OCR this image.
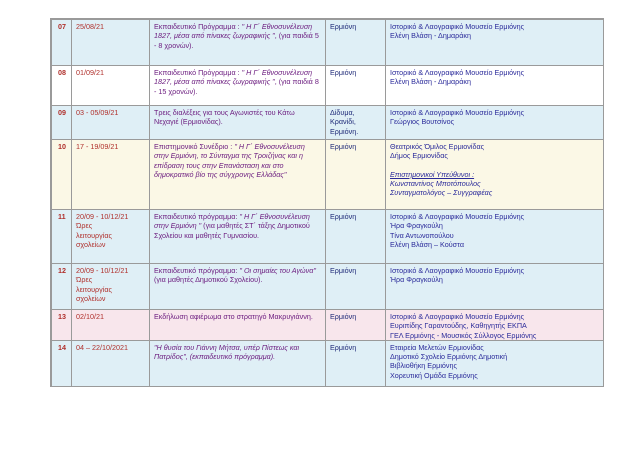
07	25/08/21	Εκπαιδευτικό Πρόγραμμα : " Η Γ΄ Εθνοσυνέλευση 1827, μέσα από πίνακες ζωγραφικής ", (για παιδιά 5 - 8 χρονών).	Ερμιόνη	Ιστορικό & Λαογραφικό Μουσείο Ερμιόνης
Ελένη Βλάση - Δημαράκη

08	01/09/21	Εκπαιδευτικό Πρόγραμμα : " Η Γ΄ Εθνοσυνέλευση 1827, μέσα από πίνακες ζωγραφικής ", (για παιδιά 8 - 15 χρονών).	Ερμιόνη	Ιστορικό & Λαογραφικό Μουσείο Ερμιόνης
Ελένη Βλάση - Δημαράκη

09	03 - 05/09/21	Τρεις διαλέξεις για τους Αγωνιστές του Κάτω Νεχαγιέ (Ερμιονίδας).	Δίδυμα,
Κρανίδι,
Ερμιόνη.	Ιστορικό & Λαογραφικό Μουσείο Ερμιόνης
Γεώργιος Βουτσίνος

10	17 - 19/09/21	Επιστημονικό Συνέδριο : " Η Γ΄ Εθνοσυνέλευση στην Ερμιόνη, το Σύνταγμα της Τροιζήνας και η επίδραση τους στην Επανάσταση και στο δημοκρατικό βίο της σύγχρονης Ελλάδας"	Ερμιόνη	Θεατρικός Όμιλος Ερμιονίδας
Δήμος Ερμιονίδας

Επιστημονικοί Υπεύθυνοι :
Κωνσταντίνος Μποτόπουλος
Συνταγματολόγος – Συγγραφέας

11	20/09 - 10/12/21
Ώρες
λειτουργίας
σχολείων	Εκπαιδευτικό πρόγραμμα: " Η Γ΄ Εθνοσυνέλευση στην Ερμιόνη " (για μαθητές ΣΤ΄ τάξης Δημοτικού Σχολείου και μαθητές Γυμνασίου.	Ερμιόνη	Ιστορικό & Λαογραφικό Μουσείο Ερμιόνης
Ήρα Φραγκούλη
Τίνα Αντωνοπούλου
Ελένη Βλάση – Κούστα

12	20/09 - 10/12/21
Ώρες
λειτουργίας
σχολείων	Εκπαιδευτικό πρόγραμμα: " Οι σημαίες του Αγώνα" (για μαθητές Δημοτικού Σχολείου).	Ερμιόνη	Ιστορικό & Λαογραφικό Μουσείο Ερμιόνης
Ήρα Φραγκούλη

13	02/10/21	Εκδήλωση αφιέρωμα στο στρατηγό Μακρυγιάννη.	Ερμιόνη	Ιστορικό & Λαογραφικό Μουσείο Ερμιόνης
Ευριπίδης Γαραντούδης, Καθηγητής ΕΚΠΑ
ΓΕΛ Ερμιόνης - Μουσικός Σύλλογος Ερμιόνης

14	04 – 22/10/2021	"Η θυσία του Γιάννη Μήτσα, υπέρ Πίστεως και Πατρίδος", (εκπαιδευτικό πρόγραμμα).	Ερμιόνη	Εταιρεία Μελετών Ερμιονίδας
Δημοτικό Σχολείο Ερμιόνης Δημοτική
Βιβλιοθήκη Ερμιόνης
Χορευτική Ομάδα Ερμιόνης
